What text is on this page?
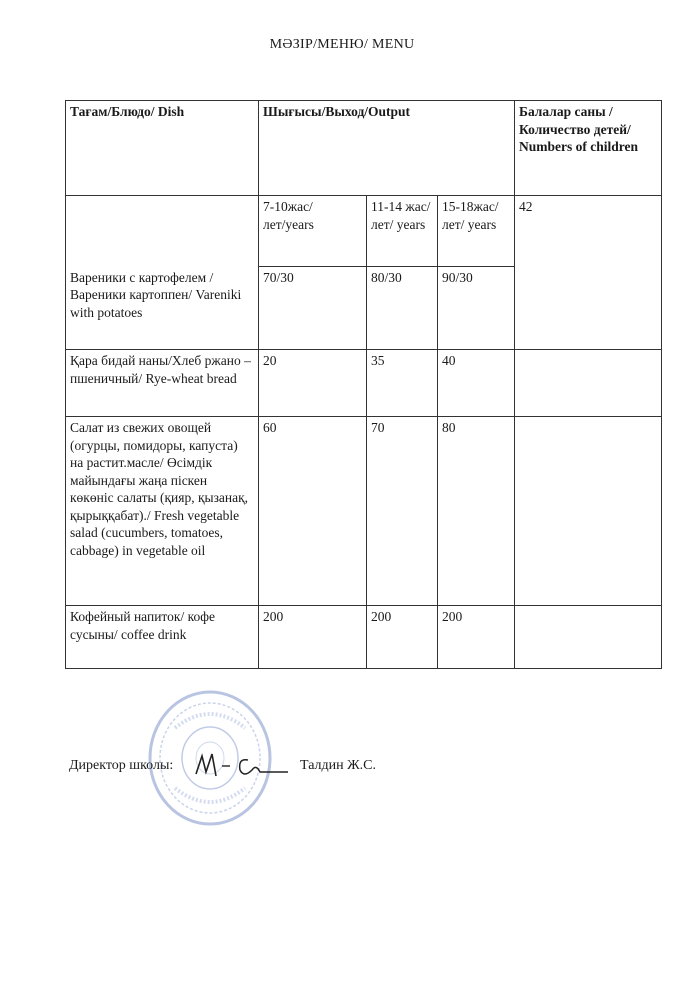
МӘЗІР/МЕНЮ/ MENU
Тағам/Блюдо/ Dish	Шығысы/Выход/Output			Балалар саны /Количество детей/ Numbers of children
	7-10жас/лет/years	11-14 жас/лет/ years	15-18жас/лет/ years	42
Вареники с картофелем / Вареники картоппен/ Vareniki with potatoes	70/30	80/30	90/30	
Қара бидай наны/Хлеб ржано – пшеничный/ Rye-wheat bread	20	35	40	
Салат из свежих овощей (огурцы, помидоры, капуста) на растит.масле/ Өсімдік майындағы жаңа піскен көкөніс салаты (қияр, қызанақ, қырыққабат)./ Fresh vegetable salad (cucumbers, tomatoes, cabbage) in vegetable oil	60	70	80	
Кофейный напиток/ кофе сусыны/ coffee drink	200	200	200	
Директор школы:	Талдин Ж.С.
